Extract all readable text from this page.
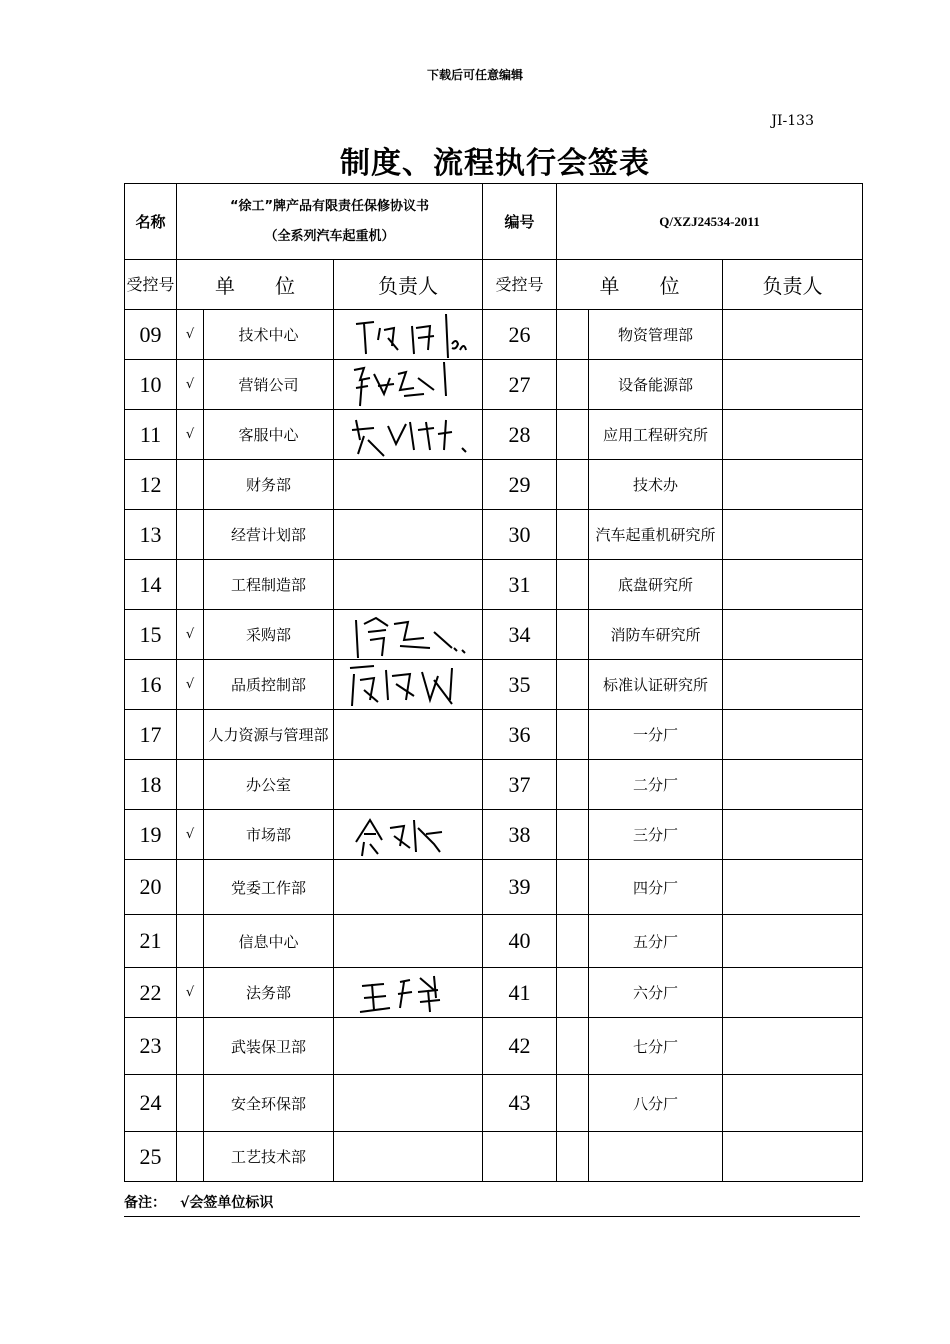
下载后可任意编辑
JI-133
制度、流程执行会签表
名称	“徐工”牌产品有限责任保修协议书
（全系列汽车起重机）			编号	Q/XZJ24534-2011		
受控号	单　　位		负责人	受控号	单　　位		负责人
09	√	技术中心		26		物资管理部	
10	√	营销公司		27		设备能源部	
11	√	客服中心		28		应用工程研究所	
12		财务部		29		技术办	
13		经营计划部		30		汽车起重机研究所	
14		工程制造部		31		底盘研究所	
15	√	采购部		34		消防车研究所	
16	√	品质控制部		35		标准认证研究所	
17		人力资源与管理部		36		一分厂	
18		办公室		37		二分厂	
19	√	市场部		38		三分厂	
20		党委工作部		39		四分厂	
21		信息中心		40		五分厂	
22	√	法务部		41		六分厂	
23		武装保卫部		42		七分厂	
24		安全环保部		43		八分厂	
25		工艺技术部					
备注： √会签单位标识
